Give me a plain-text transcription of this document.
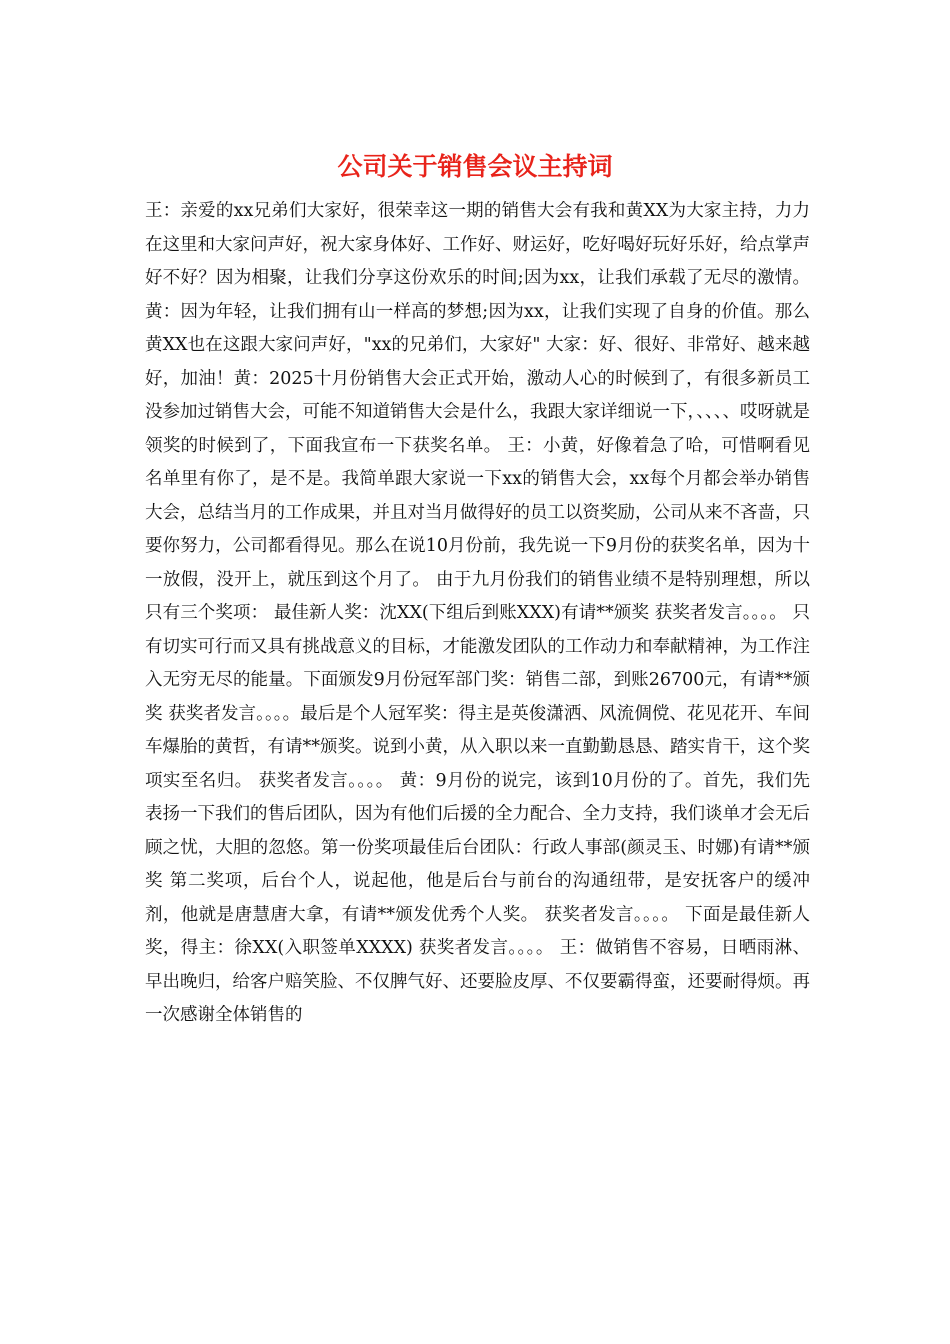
公司关于销售会议主持词

王：亲爱的xx兄弟们大家好，很荣幸这一期的销售大会有我和黄XX为大家主持，力力在这里和大家问声好，祝大家身体好、工作好、财运好，吃好喝好玩好乐好，给点掌声好不好？因为相聚，让我们分享这份欢乐的时间;因为xx，让我们承载了无尽的激情。 黄：因为年轻，让我们拥有山一样高的梦想;因为xx，让我们实现了自身的价值。那么黄XX也在这跟大家问声好，"xx的兄弟们，大家好" 大家：好、很好、非常好、越来越好，加油！黄：2025十月份销售大会正式开始，激动人心的时候到了，有很多新员工没参加过销售大会，可能不知道销售大会是什么，我跟大家详细说一下，、、、、哎呀就是领奖的时候到了，下面我宣布一下获奖名单。 王：小黄，好像着急了哈，可惜啊看见名单里有你了，是不是。我简单跟大家说一下xx的销售大会，xx每个月都会举办销售大会，总结当月的工作成果，并且对当月做得好的员工以资奖励，公司从来不吝啬，只要你努力，公司都看得见。那么在说10月份前，我先说一下9月份的获奖名单，因为十一放假，没开上，就压到这个月了。 由于九月份我们的销售业绩不是特别理想，所以只有三个奖项： 最佳新人奖：沈XX(下组后到账XXX)有请**颁奖 获奖者发言。。。。 只有切实可行而又具有挑战意义的目标，才能激发团队的工作动力和奉献精神，为工作注入无穷无尽的能量。下面颁发9月份冠军部门奖：销售二部，到账26700元，有请**颁奖 获奖者发言。。。。最后是个人冠军奖：得主是英俊潇洒、风流倜傥、花见花开、车间车爆胎的黄哲，有请**颁奖。说到小黄，从入职以来一直勤勤恳恳、踏实肯干，这个奖项实至名归。 获奖者发言。。。。 黄：9月份的说完，该到10月份的了。首先，我们先表扬一下我们的售后团队，因为有他们后援的全力配合、全力支持，我们谈单才会无后顾之忧，大胆的忽悠。第一份奖项最佳后台团队：行政人事部(颜灵玉、时娜)有请**颁奖 第二奖项，后台个人，说起他，他是后台与前台的沟通纽带，是安抚客户的缓冲剂，他就是唐慧唐大拿，有请**颁发优秀个人奖。 获奖者发言。。。。 下面是最佳新人奖，得主：徐XX(入职签单XXXX) 获奖者发言。。。。 王：做销售不容易，日晒雨淋、早出晚归，给客户赔笑脸、不仅脾气好、还要脸皮厚、不仅要霸得蛮，还要耐得烦。再一次感谢全体销售的
